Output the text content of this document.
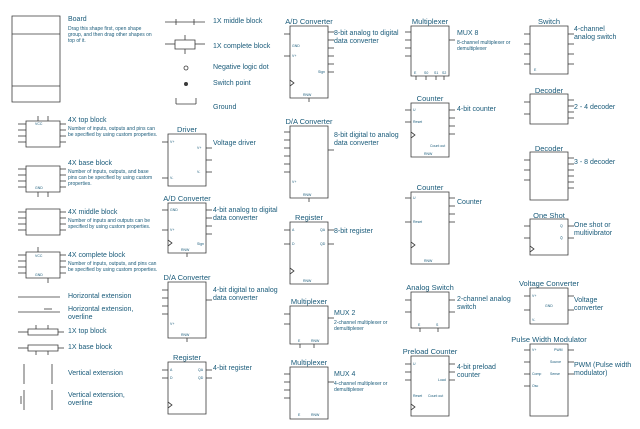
Board
Drag this shape first, open shape group, and then drag other shapes on top of it.
4X top block
Number of inputs, outputs and pins can be specified by using custom properties.
4X base block
Number of inputs, outputs, and base pins can be specified by using custom properties.
4X middle block
Number of inputs and outputs can be specified by using custom properties.
4X complete block
Number of inputs, outputs, and pins can be specified by using custom properties.
Horizontal extension
Horizontal extension, overline
1X top block
1X base block
Vertical extension
Vertical extension, overline
1X middle block
1X complete block
Negative logic dot
Switch point
Ground
Driver
Voltage driver
A/D Converter
4-bit analog to digital data converter
D/A Converter
4-bit digital to analog data converter
Register
4-bit register
A/D Converter
8-bit analog to digital data converter
D/A Converter
8-bit digital to analog data converter
Register
8-bit register
Multiplexer
MUX 2
2-channel multiplexer or demultiplexer
Multiplexer
MUX 4
4-channel multiplexer or demultiplexer
Multiplexer
MUX 8
8-channel multiplexer or demultiplexer
Counter
4-bit counter
Counter
Counter
Analog Switch
2-channel analog switch
Preload Counter
4-bit preload counter
Switch
4-channel analog switch
Decoder
2 - 4 decoder
Decoder
3 - 8 decoder
One Shot
One shot or multivibrator
Voltage Converter
Voltage converter
Pulse Width Modulator
PWM (Pulse width modulator)
VCC
GND
VCC
GND
V+
V-
V+
V-
GND
V+
Sign
RNW
V+
RNW
A
D
QA
QD
GND
V+
Sign
RNW
V+
RNW
A
D
QA
QD
RNW
E	RNW
E	RNW
E S0 S1 S2
U
Reset
Count out
RNW
U
Reset
RNW
E	S
U
Load
Reset Count out
E
Q
Q̄
V+
GND
V-
V+	PWM
Source
Comp Sense
Osc
